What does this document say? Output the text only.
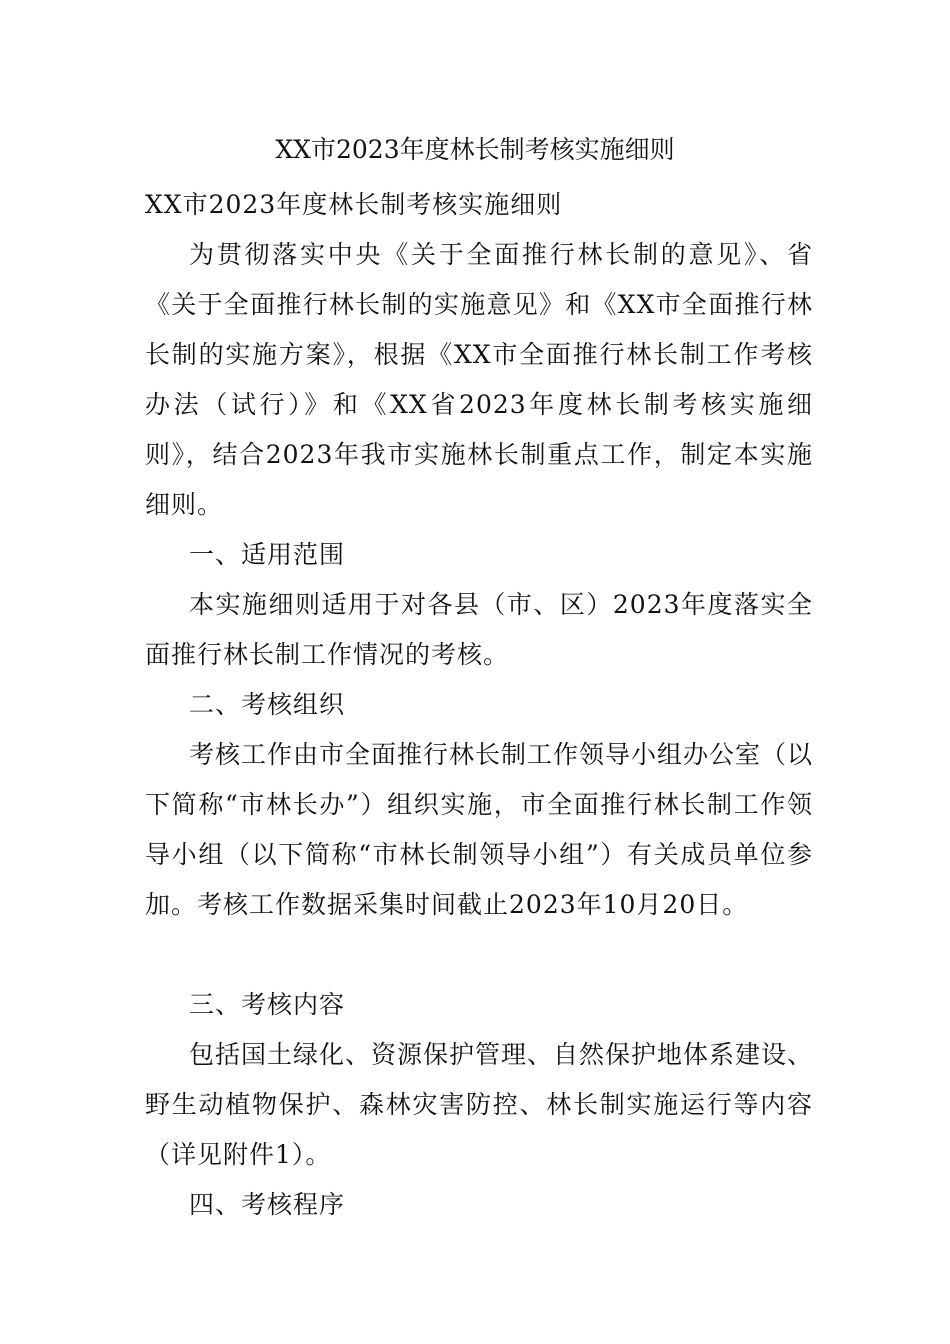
XX市2023年度林长制考核实施细则

XX市2023年度林长制考核实施细则

为贯彻落实中央《关于全面推行林长制的意见》、省《关于全面推行林长制的实施意见》和《XX市全面推行林长制的实施方案》，根据《XX市全面推行林长制工作考核办法（试行）》和《XX省2023年度林长制考核实施细则》，结合2023年我市实施林长制重点工作，制定本实施细则。

一、适用范围

本实施细则适用于对各县（市、区）2023年度落实全面推行林长制工作情况的考核。

二、考核组织

考核工作由市全面推行林长制工作领导小组办公室（以下简称“市林长办”）组织实施，市全面推行林长制工作领导小组（以下简称“市林长制领导小组”）有关成员单位参加。考核工作数据采集时间截止2023年10月20日。

三、考核内容

包括国土绿化、资源保护管理、自然保护地体系建设、野生动植物保护、森林灾害防控、林长制实施运行等内容（详见附件1）。

四、考核程序
